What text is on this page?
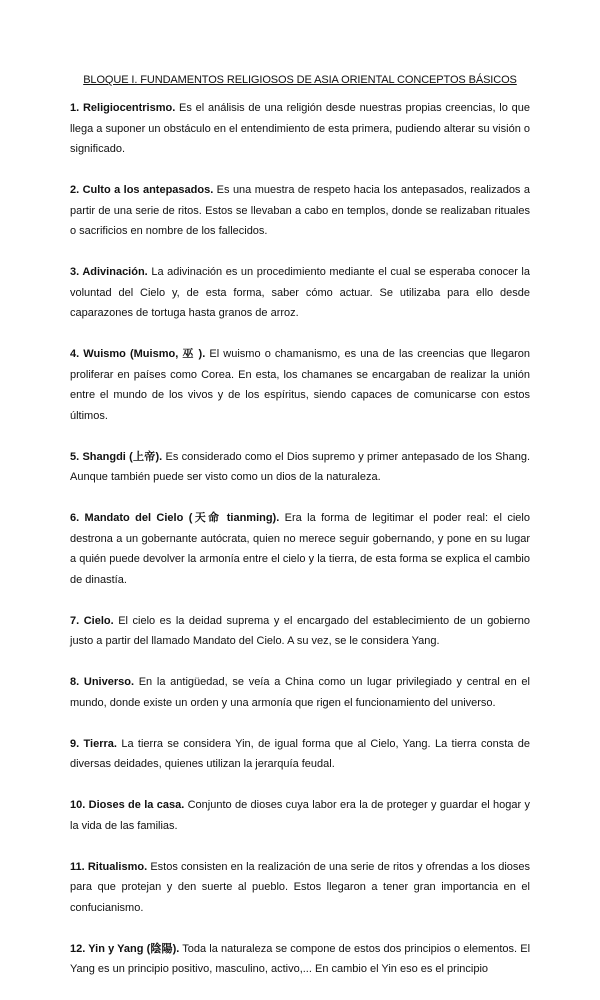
BLOQUE I. FUNDAMENTOS RELIGIOSOS DE ASIA ORIENTAL CONCEPTOS BÁSICOS

1. Religiocentrismo. Es el análisis de una religión desde nuestras propias creencias, lo que llega a suponer un obstáculo en el entendimiento de esta primera, pudiendo alterar su visión o significado.

2. Culto a los antepasados. Es una muestra de respeto hacia los antepasados, realizados a partir de una serie de ritos. Estos se llevaban a cabo en templos, donde se realizaban rituales o sacrificios en nombre de los fallecidos.

3. Adivinación. La adivinación es un procedimiento mediante el cual se esperaba conocer la voluntad del Cielo y, de esta forma, saber cómo actuar. Se utilizaba para ello desde caparazones de tortuga hasta granos de arroz.

4. Wuismo (Muismo, 巫 ). El wuismo o chamanismo, es una de las creencias que llegaron proliferar en países como Corea. En esta, los chamanes se encargaban de realizar la unión entre el mundo de los vivos y de los espíritus, siendo capaces de comunicarse con estos últimos.

5. Shangdi (上帝). Es considerado como el Dios supremo y primer antepasado de los Shang. Aunque también puede ser visto como un dios de la naturaleza.

6. Mandato del Cielo (天命 tianming). Era la forma de legitimar el poder real: el cielo destrona a un gobernante autócrata, quien no merece seguir gobernando, y pone en su lugar a quién puede devolver la armonía entre el cielo y la tierra, de esta forma se explica el cambio de dinastía.

7. Cielo. El cielo es la deidad suprema y el encargado del establecimiento de un gobierno justo a partir del llamado Mandato del Cielo. A su vez, se le considera Yang.

8. Universo. En la antigüedad, se veía a China como un lugar privilegiado y central en el mundo, donde existe un orden y una armonía que rigen el funcionamiento del universo.

9. Tierra. La tierra se considera Yin, de igual forma que al Cielo, Yang. La tierra consta de diversas deidades, quienes utilizan la jerarquía feudal.

10. Dioses de la casa. Conjunto de dioses cuya labor era la de proteger y guardar el hogar y la vida de las familias.

11. Ritualismo. Estos consisten en la realización de una serie de ritos y ofrendas a los dioses para que protejan y den suerte al pueblo. Estos llegaron a tener gran importancia en el confucianismo.

12. Yin y Yang (陰陽). Toda la naturaleza se compone de estos dos principios o elementos. El Yang es un principio positivo, masculino, activo,... En cambio el Yin eso es el principio
